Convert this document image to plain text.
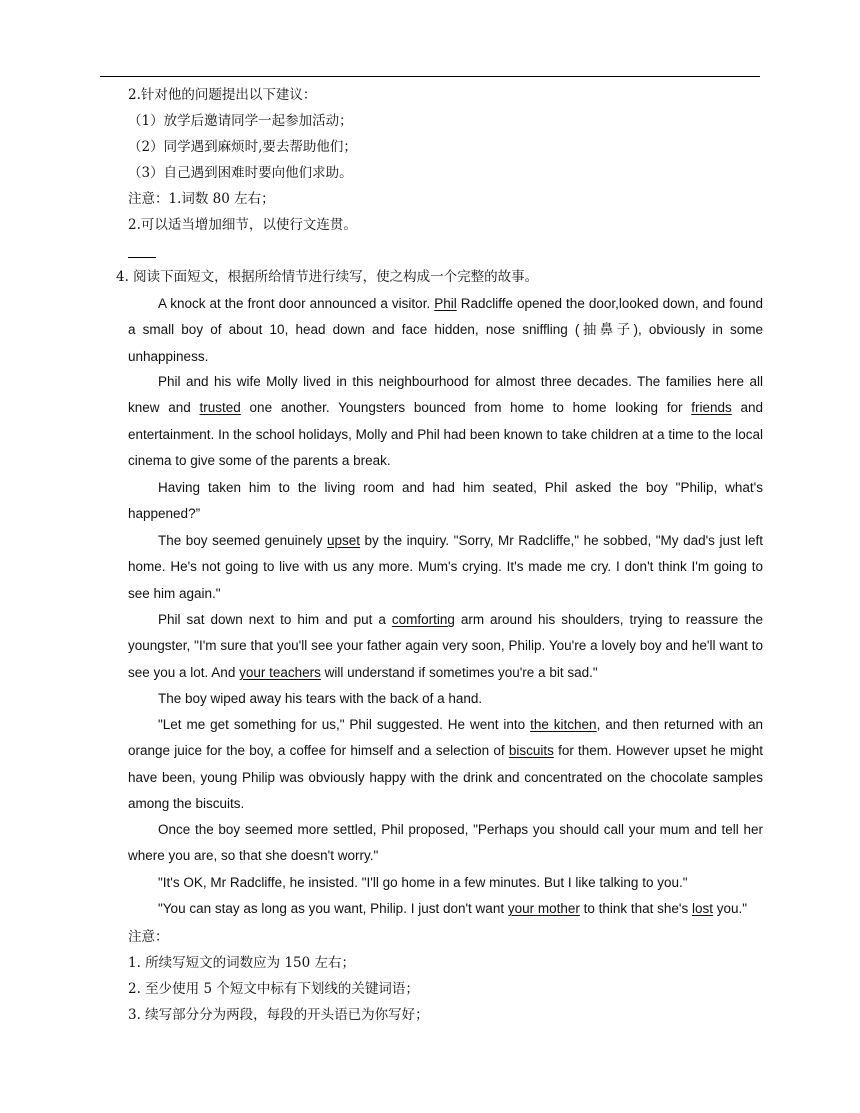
2.针对他的问题提出以下建议：
（1）放学后邀请同学一起参加活动；
（2）同学遇到麻烦时,要去帮助他们；
（3）自己遇到困难时要向他们求助。
注意：1.词数 80 左右；
2.可以适当增加细节，以使行文连贯。
4. 阅读下面短文，根据所给情节进行续写，使之构成一个完整的故事。
A knock at the front door announced a visitor. Phil Radcliffe opened the door,looked down, and found a small boy of about 10, head down and face hidden, nose sniffling (抽鼻子), obviously in some unhappiness.
Phil and his wife Molly lived in this neighbourhood for almost three decades. The families here all knew and trusted one another. Youngsters bounced from home to home looking for friends and entertainment. In the school holidays, Molly and Phil had been known to take children at a time to the local cinema to give some of the parents a break.
Having taken him to the living room and had him seated, Phil asked the boy "Philip, what's happened?”
The boy seemed genuinely upset by the inquiry. "Sorry, Mr Radcliffe," he sobbed, "My dad's just left home. He's not going to live with us any more. Mum's crying. It's made me cry. I don't think I'm going to see him again."
Phil sat down next to him and put a comforting arm around his shoulders, trying to reassure the youngster, "I'm sure that you'll see your father again very soon, Philip. You're a lovely boy and he'll want to see you a lot. And your teachers will understand if sometimes you're a bit sad."
The boy wiped away his tears with the back of a hand.
"Let me get something for us," Phil suggested. He went into the kitchen, and then returned with an orange juice for the boy, a coffee for himself and a selection of biscuits for them. However upset he might have been, young Philip was obviously happy with the drink and concentrated on the chocolate samples among the biscuits.
Once the boy seemed more settled, Phil proposed, "Perhaps you should call your mum and tell her where you are, so that she doesn't worry."
"It's OK, Mr Radcliffe, he insisted. "I'll go home in a few minutes. But I like talking to you."
"You can stay as long as you want, Philip. I just don't want your mother to think that she's lost you."
注意：
1. 所续写短文的词数应为 150 左右；
2. 至少使用 5 个短文中标有下划线的关键词语；
3. 续写部分分为两段，每段的开头语已为你写好；
